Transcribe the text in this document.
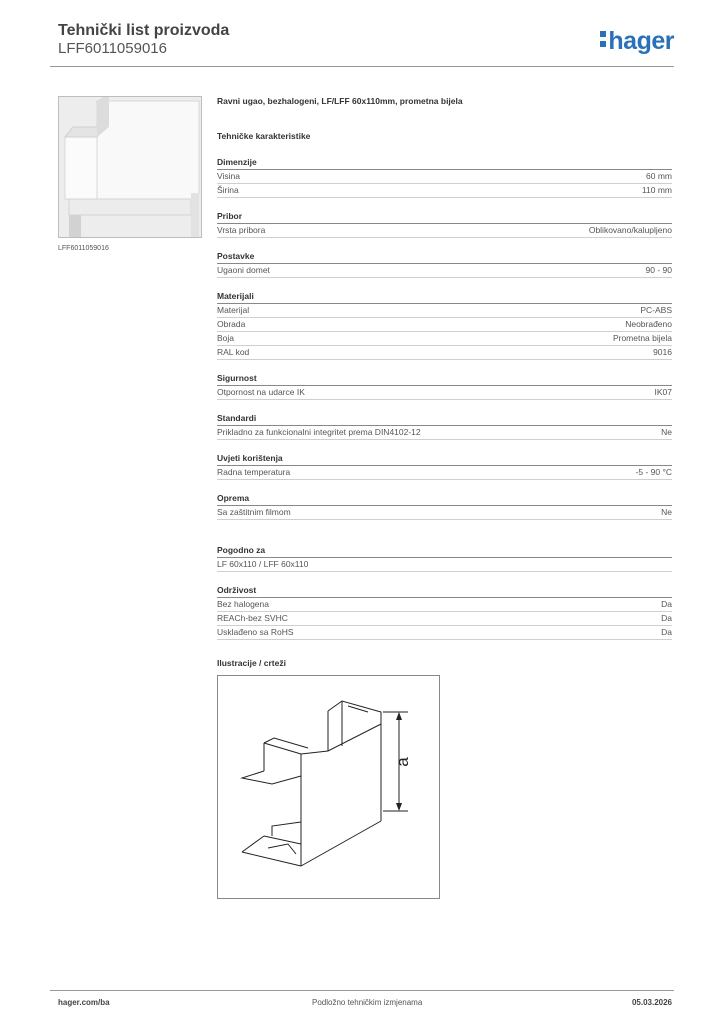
Tehnički list proizvoda
LFF6011059016	hager
LFF6011059016
Ravni ugao, bezhalogeni, LF/LFF 60x110mm, prometna bijela
Tehničke karakteristike
Dimenzije
Visina	60 mm
Širina	110 mm
Pribor
Vrsta pribora	Oblikovano/kalupljeno
Postavke
Ugaoni domet	90 - 90
Materijali
Materijal	PC-ABS
Obrada	Neobrađeno
Boja	Prometna bijela
RAL kod	9016
Sigurnost
Otpornost na udarce IK	IK07
Standardi
Prikladno za funkcionalni integritet prema DIN4102-12	Ne
Uvjeti korištenja
Radna temperatura	-5 - 90 °C
Oprema
Sa zaštitnim filmom	Ne
Pogodno za
LF 60x110 / LFF 60x110
Održivost
Bez halogena	Da
REACh-bez SVHC	Da
Usklađeno sa RoHS	Da
Ilustracije / crteži
a
hager.com/ba	Podložno tehničkim izmjenama	05.03.2026
